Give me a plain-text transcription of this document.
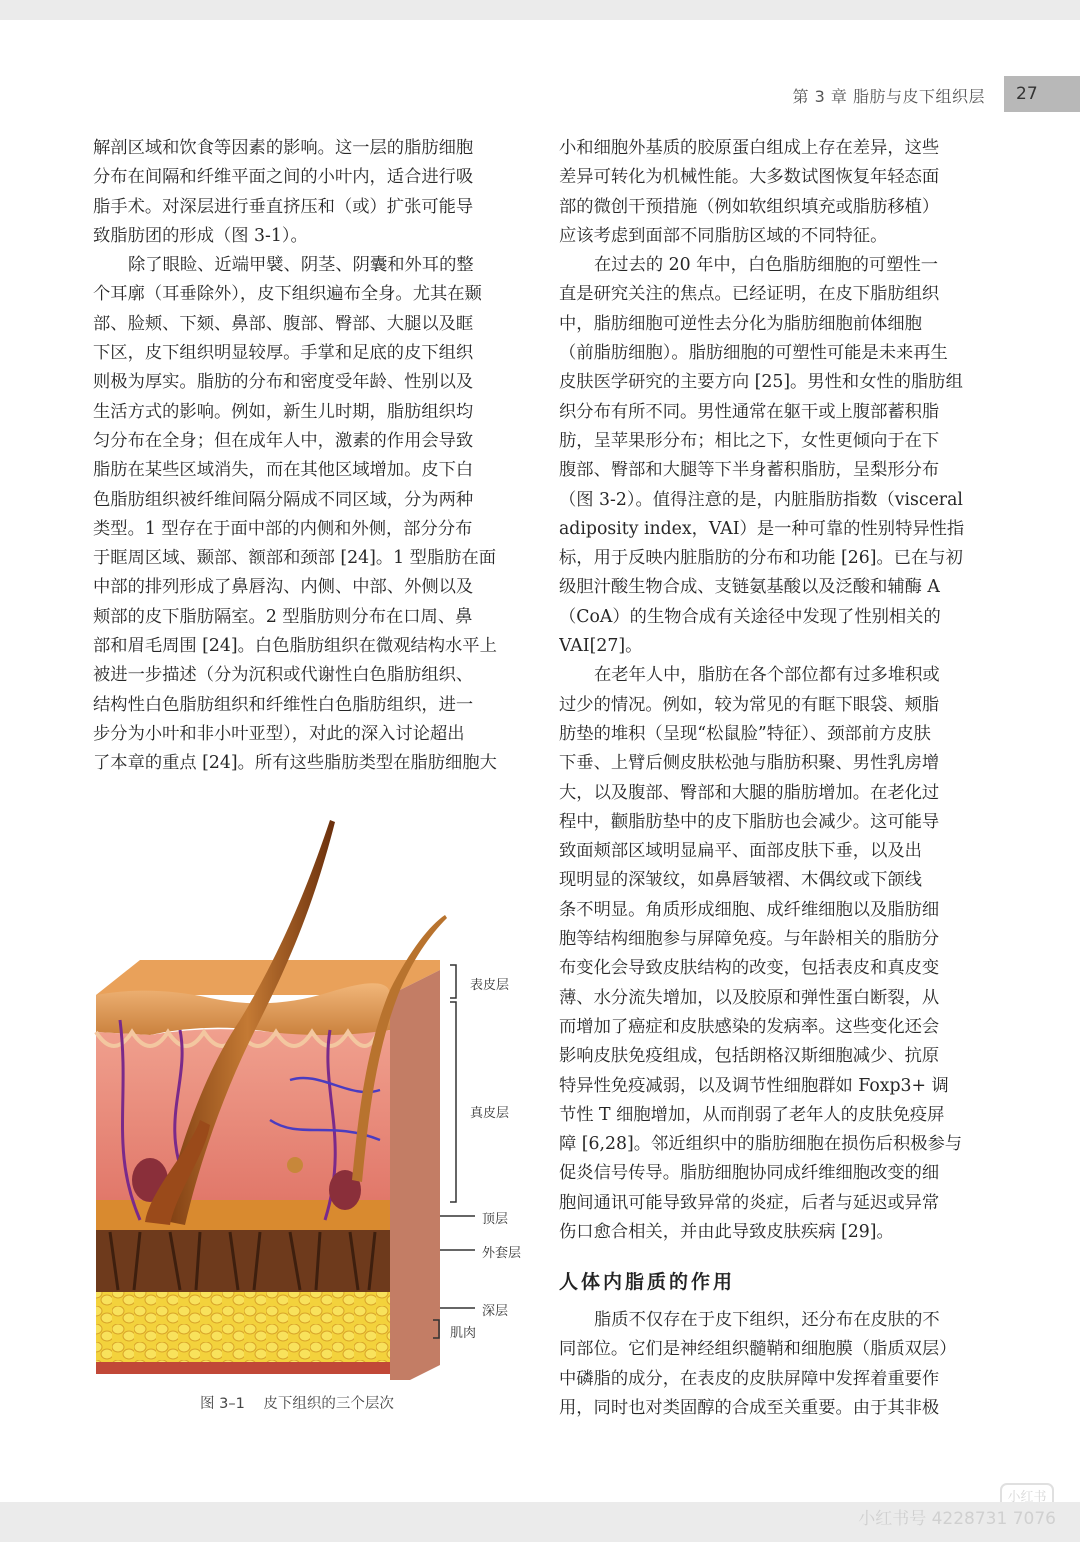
第 3 章 脂肪与皮下组织层	27
解剖区域和饮食等因素的影响。这一层的脂肪细胞
分布在间隔和纤维平面之间的小叶内，适合进行吸
脂手术。对深层进行垂直挤压和（或）扩张可能导
致脂肪团的形成（图 3-1）。
除了眼睑、近端甲襞、阴茎、阴囊和外耳的整
个耳廓（耳垂除外），皮下组织遍布全身。尤其在颞
部、脸颊、下颏、鼻部、腹部、臀部、大腿以及眶
下区，皮下组织明显较厚。手掌和足底的皮下组织
则极为厚实。脂肪的分布和密度受年龄、性别以及
生活方式的影响。例如，新生儿时期，脂肪组织均
匀分布在全身；但在成年人中，激素的作用会导致
脂肪在某些区域消失，而在其他区域增加。皮下白
色脂肪组织被纤维间隔分隔成不同区域，分为两种
类型。1 型存在于面中部的内侧和外侧，部分分布
于眶周区域、颞部、额部和颈部 [24]。1 型脂肪在面
中部的排列形成了鼻唇沟、内侧、中部、外侧以及
颊部的皮下脂肪隔室。2 型脂肪则分布在口周、鼻
部和眉毛周围 [24]。白色脂肪组织在微观结构水平上
被进一步描述（分为沉积或代谢性白色脂肪组织、
结构性白色脂肪组织和纤维性白色脂肪组织，进一
步分为小叶和非小叶亚型），对此的深入讨论超出
了本章的重点 [24]。所有这些脂肪类型在脂肪细胞大
小和细胞外基质的胶原蛋白组成上存在差异，这些
差异可转化为机械性能。大多数试图恢复年轻态面
部的微创干预措施（例如软组织填充或脂肪移植）
应该考虑到面部不同脂肪区域的不同特征。
在过去的 20 年中，白色脂肪细胞的可塑性一
直是研究关注的焦点。已经证明，在皮下脂肪组织
中，脂肪细胞可逆性去分化为脂肪细胞前体细胞
（前脂肪细胞）。脂肪细胞的可塑性可能是未来再生
皮肤医学研究的主要方向 [25]。男性和女性的脂肪组
织分布有所不同。男性通常在躯干或上腹部蓄积脂
肪，呈苹果形分布；相比之下，女性更倾向于在下
腹部、臀部和大腿等下半身蓄积脂肪，呈梨形分布
（图 3-2）。值得注意的是，内脏脂肪指数（visceral
adiposity index，VAI）是一种可靠的性别特异性指
标，用于反映内脏脂肪的分布和功能 [26]。已在与初
级胆汁酸生物合成、支链氨基酸以及泛酸和辅酶 A
（CoA）的生物合成有关途径中发现了性别相关的
VAI[27]。
在老年人中，脂肪在各个部位都有过多堆积或
过少的情况。例如，较为常见的有眶下眼袋、颊脂
肪垫的堆积（呈现“松鼠脸”特征）、颈部前方皮肤
下垂、上臂后侧皮肤松弛与脂肪积聚、男性乳房增
大，以及腹部、臀部和大腿的脂肪增加。在老化过
程中，颧脂肪垫中的皮下脂肪也会减少。这可能导
致面颊部区域明显扁平、面部皮肤下垂，以及出
现明显的深皱纹，如鼻唇皱褶、木偶纹或下颌线
条不明显。角质形成细胞、成纤维细胞以及脂肪细
胞等结构细胞参与屏障免疫。与年龄相关的脂肪分
布变化会导致皮肤结构的改变，包括表皮和真皮变
薄、水分流失增加，以及胶原和弹性蛋白断裂，从
而增加了癌症和皮肤感染的发病率。这些变化还会
影响皮肤免疫组成，包括朗格汉斯细胞减少、抗原
特异性免疫减弱，以及调节性细胞群如 Foxp3+ 调
节性 T 细胞增加，从而削弱了老年人的皮肤免疫屏
障 [6,28]。邻近组织中的脂肪细胞在损伤后积极参与
促炎信号传导。脂肪细胞协同成纤维细胞改变的细
胞间通讯可能导致异常的炎症，后者与延迟或异常
伤口愈合相关，并由此导致皮肤疾病 [29]。
人体内脂质的作用
脂质不仅存在于皮下组织，还分布在皮肤的不
同部位。它们是神经组织髓鞘和细胞膜（脂质双层）
中磷脂的成分，在表皮的皮肤屏障中发挥着重要作
用，同时也对类固醇的合成至关重要。由于其非极
表皮层
真皮层
顶层
外套层
深层
肌肉
图 3–1 皮下组织的三个层次
小红书
小红书号 4228731 7076
